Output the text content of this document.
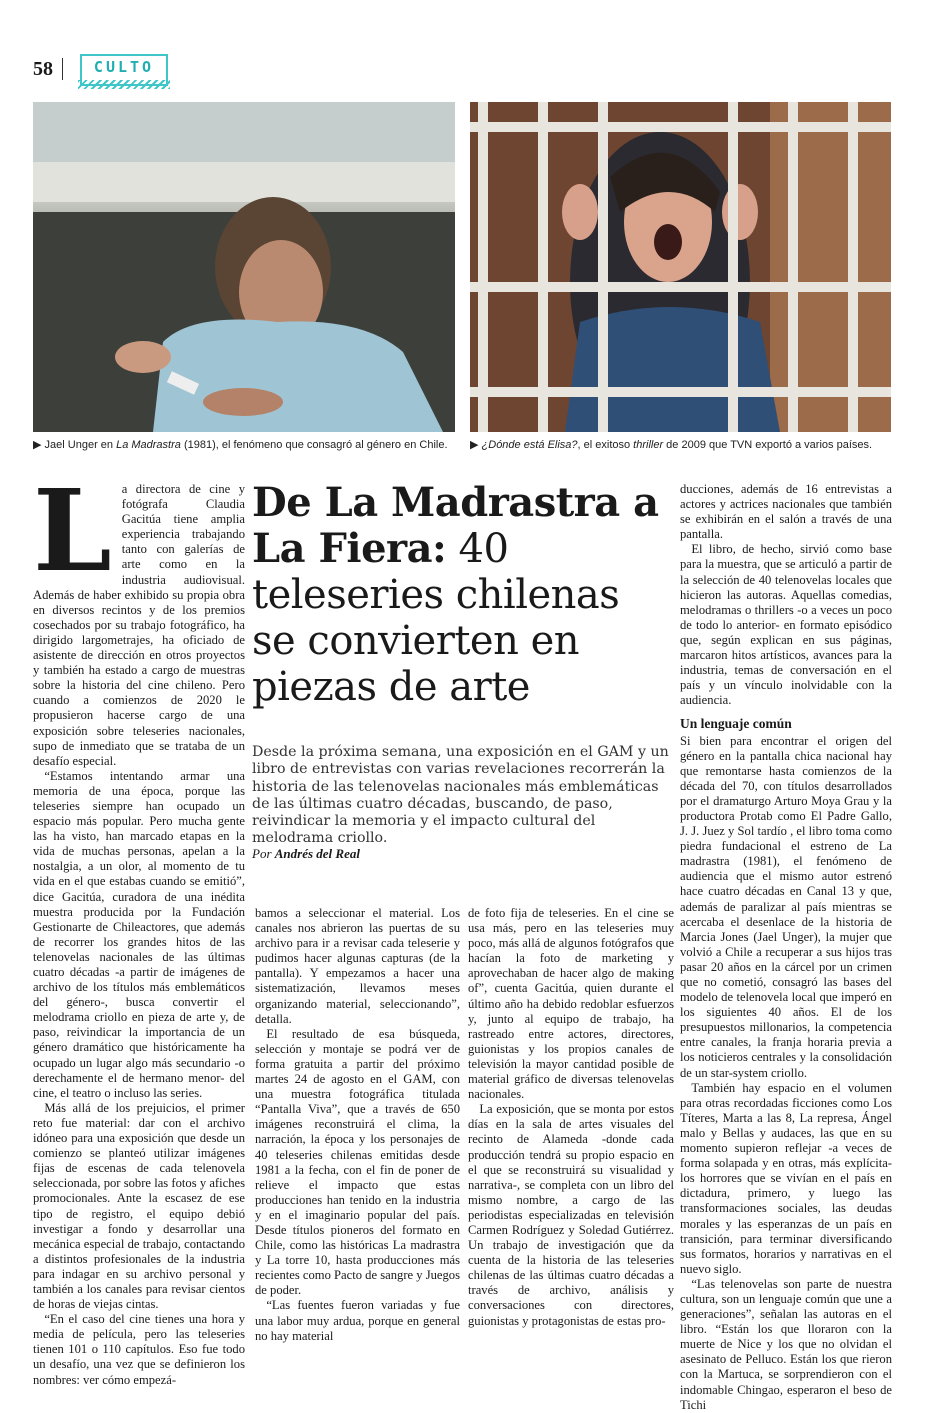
58	CULTO
▶ Jael Unger en La Madrastra (1981), el fenómeno que consagró al género en Chile.	▶ ¿Dónde está Elisa?, el exitoso thriller de 2009 que TVN exportó a varios países.
L a directora de cine y fotógrafa Claudia Gacitúa tiene amplia experiencia trabajando tanto con galerías de arte como en la industria audiovisual. Además de haber exhibido su propia obra en diversos recintos y de los premios cosechados por su trabajo fotográfico, ha dirigido largometrajes, ha oficiado de asistente de dirección en otros proyectos y también ha estado a cargo de muestras sobre la historia del cine chileno. Pero cuando a comienzos de 2020 le propusieron hacerse cargo de una exposición sobre teleseries nacionales, supo de inmediato que se trataba de un desafío especial.

“Estamos intentando armar una memoria de una época, porque las teleseries siempre han ocupado un espacio más popular. Pero mucha gente las ha visto, han marcado etapas en la vida de muchas personas, apelan a la nostalgia, a un olor, al momento de tu vida en el que estabas cuando se emitió”, dice Gacitúa, curadora de una inédita muestra producida por la Fundación Gestionarte de Chileactores, que además de recorrer los grandes hitos de las telenovelas nacionales de las últimas cuatro décadas -a partir de imágenes de archivo de los títulos más emblemáticos del género-, busca convertir el melodrama criollo en pieza de arte y, de paso, reivindicar la importancia de un género dramático que históricamente ha ocupado un lugar algo más secundario -o derechamente el de hermano menor- del cine, el teatro o incluso las series.

Más allá de los prejuicios, el primer reto fue material: dar con el archivo idóneo para una exposición que desde un comienzo se planteó utilizar imágenes fijas de escenas de cada telenovela seleccionada, por sobre las fotos y afiches promocionales. Ante la escasez de ese tipo de registro, el equipo debió investigar a fondo y desarrollar una mecánica especial de trabajo, contactando a distintos profesionales de la industria para indagar en su archivo personal y también a los canales para revisar cientos de horas de viejas cintas.

“En el caso del cine tienes una hora y media de película, pero las teleseries tienen 101 o 110 capítulos. Eso fue todo un desafío, una vez que se definieron los nombres: ver cómo empezá-

De La Madrastra a La Fiera: 40 teleseries chilenas se convierten en piezas de arte
Desde la próxima semana, una exposición en el GAM y un libro de entrevistas con varias revelaciones recorrerán la historia de las telenovelas nacionales más emblemáticas de las últimas cuatro décadas, buscando, de paso, reivindicar la memoria y el impacto cultural del melodrama criollo.
Por Andrés del Real

bamos a seleccionar el material. Los canales nos abrieron las puertas de su archivo para ir a revisar cada teleserie y pudimos hacer algunas capturas (de la pantalla). Y empezamos a hacer una sistematización, llevamos meses organizando material, seleccionando”, detalla.

El resultado de esa búsqueda, selección y montaje se podrá ver de forma gratuita a partir del próximo martes 24 de agosto en el GAM, con una muestra fotográfica titulada “Pantalla Viva”, que a través de 650 imágenes reconstruirá el clima, la narración, la época y los personajes de 40 teleseries chilenas emitidas desde 1981 a la fecha, con el fin de poner de relieve el impacto que estas producciones han tenido en la industria y en el imaginario popular del país. Desde títulos pioneros del formato en Chile, como las históricas La madrastra y La torre 10, hasta producciones más recientes como Pacto de sangre y Juegos de poder.

“Las fuentes fueron variadas y fue una labor muy ardua, porque en general no hay material

de foto fija de teleseries. En el cine se usa más, pero en las teleseries muy poco, más allá de algunos fotógrafos que hacían la foto de marketing y aprovechaban de hacer algo de making of”, cuenta Gacitúa, quien durante el último año ha debido redoblar esfuerzos y, junto al equipo de trabajo, ha rastreado entre actores, directores, guionistas y los propios canales de televisión la mayor cantidad posible de material gráfico de diversas telenovelas nacionales.

La exposición, que se monta por estos días en la sala de artes visuales del recinto de Alameda -donde cada producción tendrá su propio espacio en el que se reconstruirá su visualidad y narrativa-, se completa con un libro del mismo nombre, a cargo de las periodistas especializadas en televisión Carmen Rodríguez y Soledad Gutiérrez. Un trabajo de investigación que da cuenta de la historia de las teleseries chilenas de las últimas cuatro décadas a través de archivo, análisis y conversaciones con directores, guionistas y protagonistas de estas pro-

ducciones, además de 16 entrevistas a actores y actrices nacionales que también se exhibirán en el salón a través de una pantalla.

El libro, de hecho, sirvió como base para la muestra, que se articuló a partir de la selección de 40 telenovelas locales que hicieron las autoras. Aquellas comedias, melodramas o thrillers -o a veces un poco de todo lo anterior- en formato episódico que, según explican en sus páginas, marcaron hitos artísticos, avances para la industria, temas de conversación en el país y un vínculo inolvidable con la audiencia.

Un lenguaje común

Si bien para encontrar el origen del género en la pantalla chica nacional hay que remontarse hasta comienzos de la década del 70, con títulos desarrollados por el dramaturgo Arturo Moya Grau y la productora Protab como El Padre Gallo, J. J. Juez y Sol tardío , el libro toma como piedra fundacional el estreno de La madrastra (1981), el fenómeno de audiencia que el mismo autor estrenó hace cuatro décadas en Canal 13 y que, además de paralizar al país mientras se acercaba el desenlace de la historia de Marcia Jones (Jael Unger), la mujer que volvió a Chile a recuperar a sus hijos tras pasar 20 años en la cárcel por un crimen que no cometió, consagró las bases del modelo de telenovela local que imperó en los siguientes 40 años. El de los presupuestos millonarios, la competencia entre canales, la franja horaria previa a los noticieros centrales y la consolidación de un star-system criollo.

También hay espacio en el volumen para otras recordadas ficciones como Los Títeres, Marta a las 8, La represa, Ángel malo y Bellas y audaces, las que en su momento supieron reflejar -a veces de forma solapada y en otras, más explícita- los horrores que se vivían en el país en dictadura, primero, y luego las transformaciones sociales, las deudas morales y las esperanzas de un país en transición, para terminar diversificando sus formatos, horarios y narrativas en el nuevo siglo.

“Las telenovelas son parte de nuestra cultura, son un lenguaje común que une a generaciones”, señalan las autoras en el libro. “Están los que lloraron con la muerte de Nice y los que no olvidan el asesinato de Pelluco. Están los que rieron con la Martuca, se sorprendieron con el indomable Chingao, esperaron el beso de Tichi
